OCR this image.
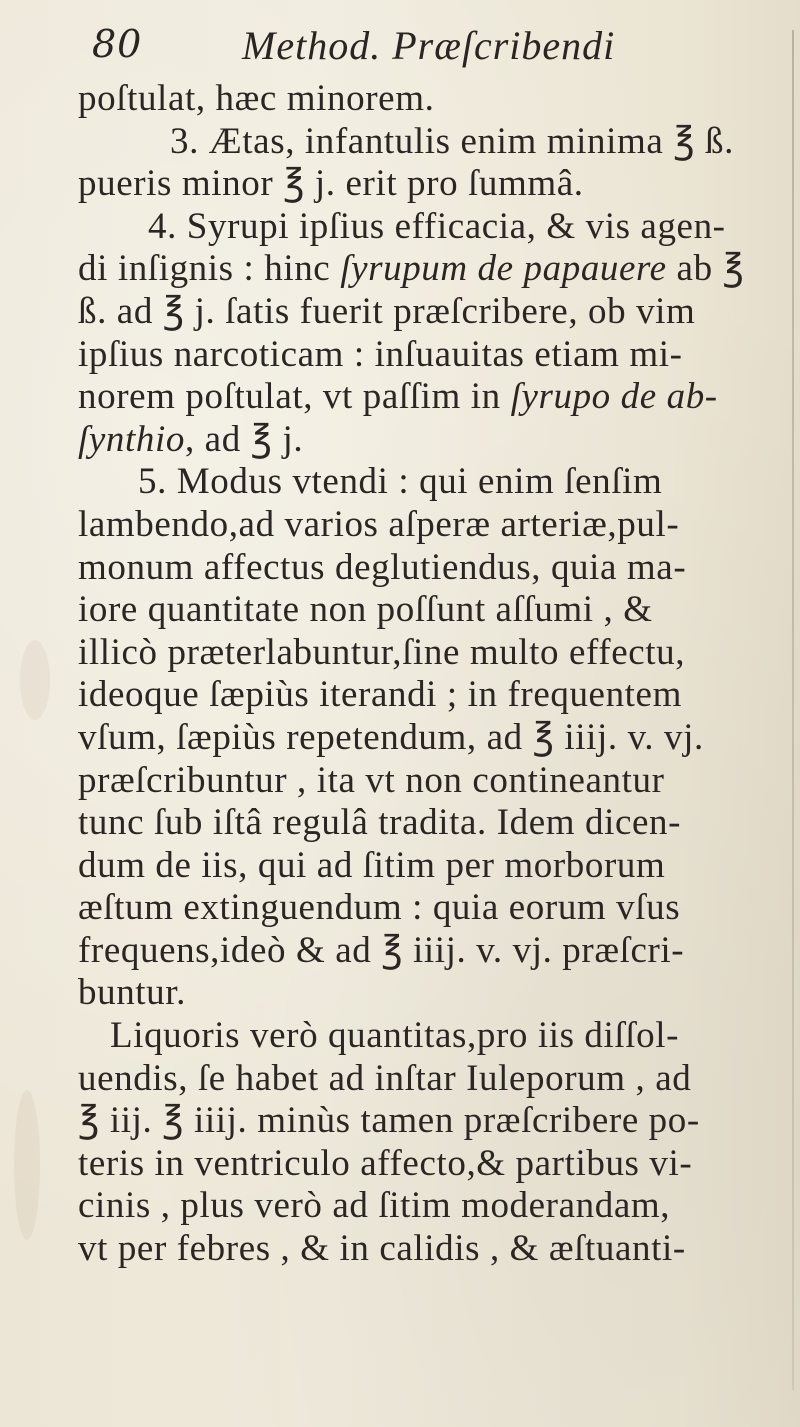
80 Method. Præſcribendi
poſtulat, hæc minorem.
3. Ætas, infantulis enim minima ℥ ß.
pueris minor ℥ j. erit pro ſummâ.
4. Syrupi ipſius efficacia, & vis agen-
di inſignis : hinc ſyrupum de papauere ab ℥
ß. ad ℥ j. ſatis fuerit præſcribere, ob vim
ipſius narcoticam : inſuauitas etiam mi-
norem poſtulat, vt paſſim in ſyrupo de ab-
ſynthio, ad ℥ j.
5. Modus vtendi : qui enim ſenſim
lambendo,ad varios aſperæ arteriæ,pul-
monum affectus deglutiendus, quia ma-
iore quantitate non poſſunt aſſumi , &
illicò præterlabuntur,ſine multo effectu,
ideoque ſæpiùs iterandi ; in frequentem
vſum, ſæpiùs repetendum, ad ℥ iiij. v. vj.
præſcribuntur , ita vt non contineantur
tunc ſub iſtâ regulâ tradita. Idem dicen-
dum de iis, qui ad ſitim per morborum
æſtum extinguendum : quia eorum vſus
frequens,ideò & ad ℥ iiij. v. vj. præſcri-
buntur.
Liquoris verò quantitas,pro iis diſſol-
uendis, ſe habet ad inſtar Iuleporum , ad
℥ iij. ℥ iiij. minùs tamen præſcribere po-
teris in ventriculo affecto,& partibus vi-
cinis , plus verò ad ſitim moderandam,
vt per febres , & in calidis , & æſtuanti-
